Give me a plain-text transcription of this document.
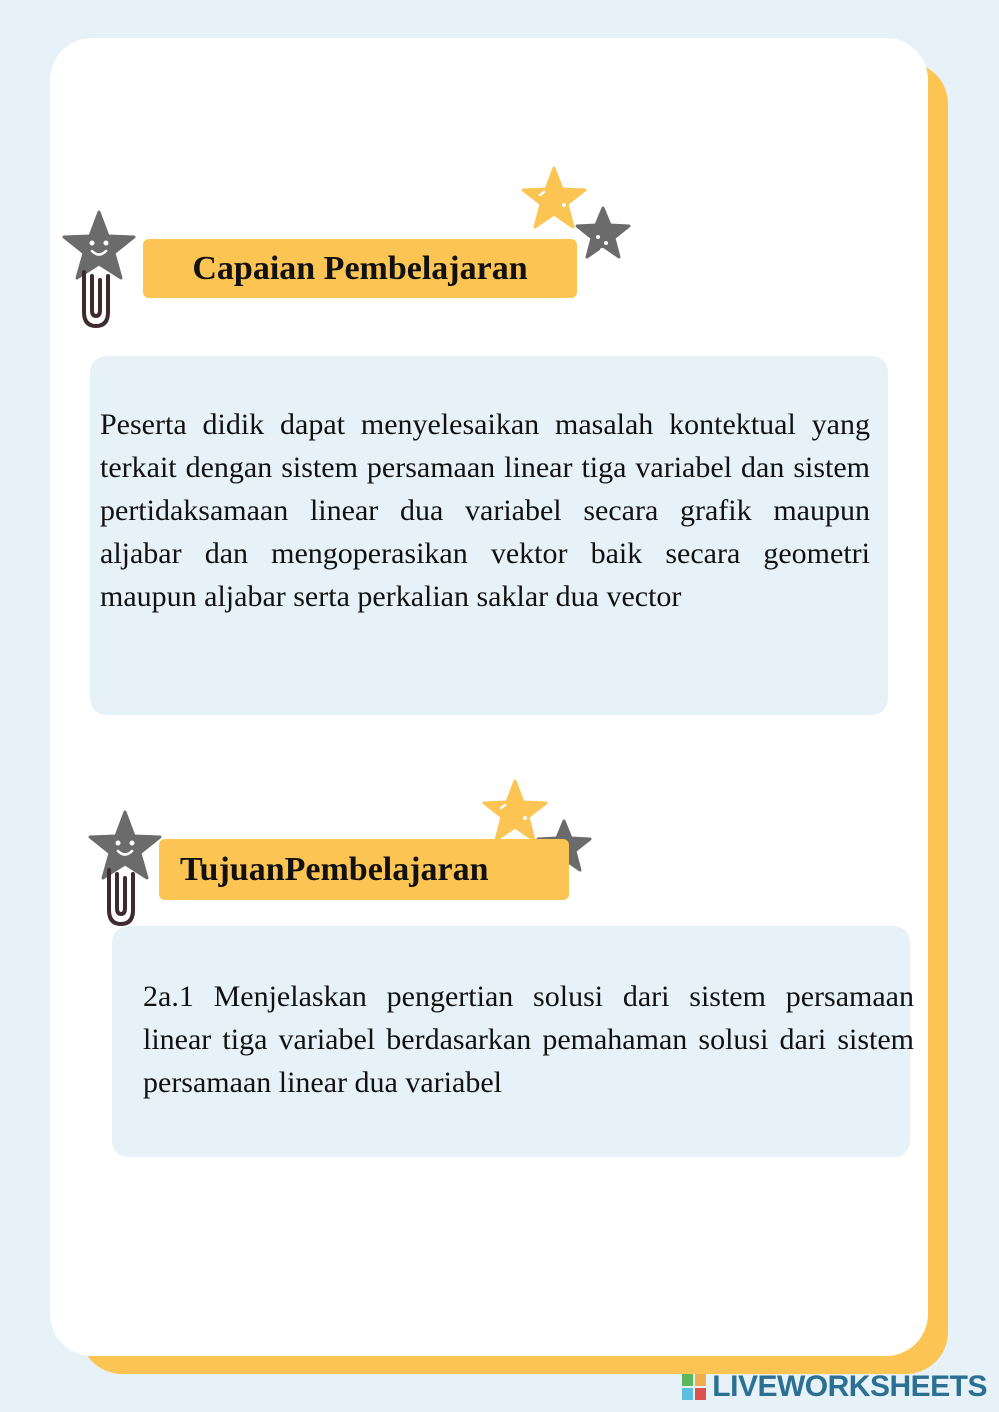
Capaian Pembelajaran

Peserta didik dapat menyelesaikan masalah kontektual yang terkait dengan sistem persamaan linear tiga variabel dan sistem pertidaksamaan linear dua variabel secara grafik maupun aljabar dan mengoperasikan vektor baik secara geometri maupun aljabar serta perkalian saklar dua vector

TujuanPembelajaran

2a.1 Menjelaskan pengertian solusi dari sistem persamaan linear tiga variabel berdasarkan pemahaman solusi dari sistem persamaan linear dua variabel

LIVEWORKSHEETS
